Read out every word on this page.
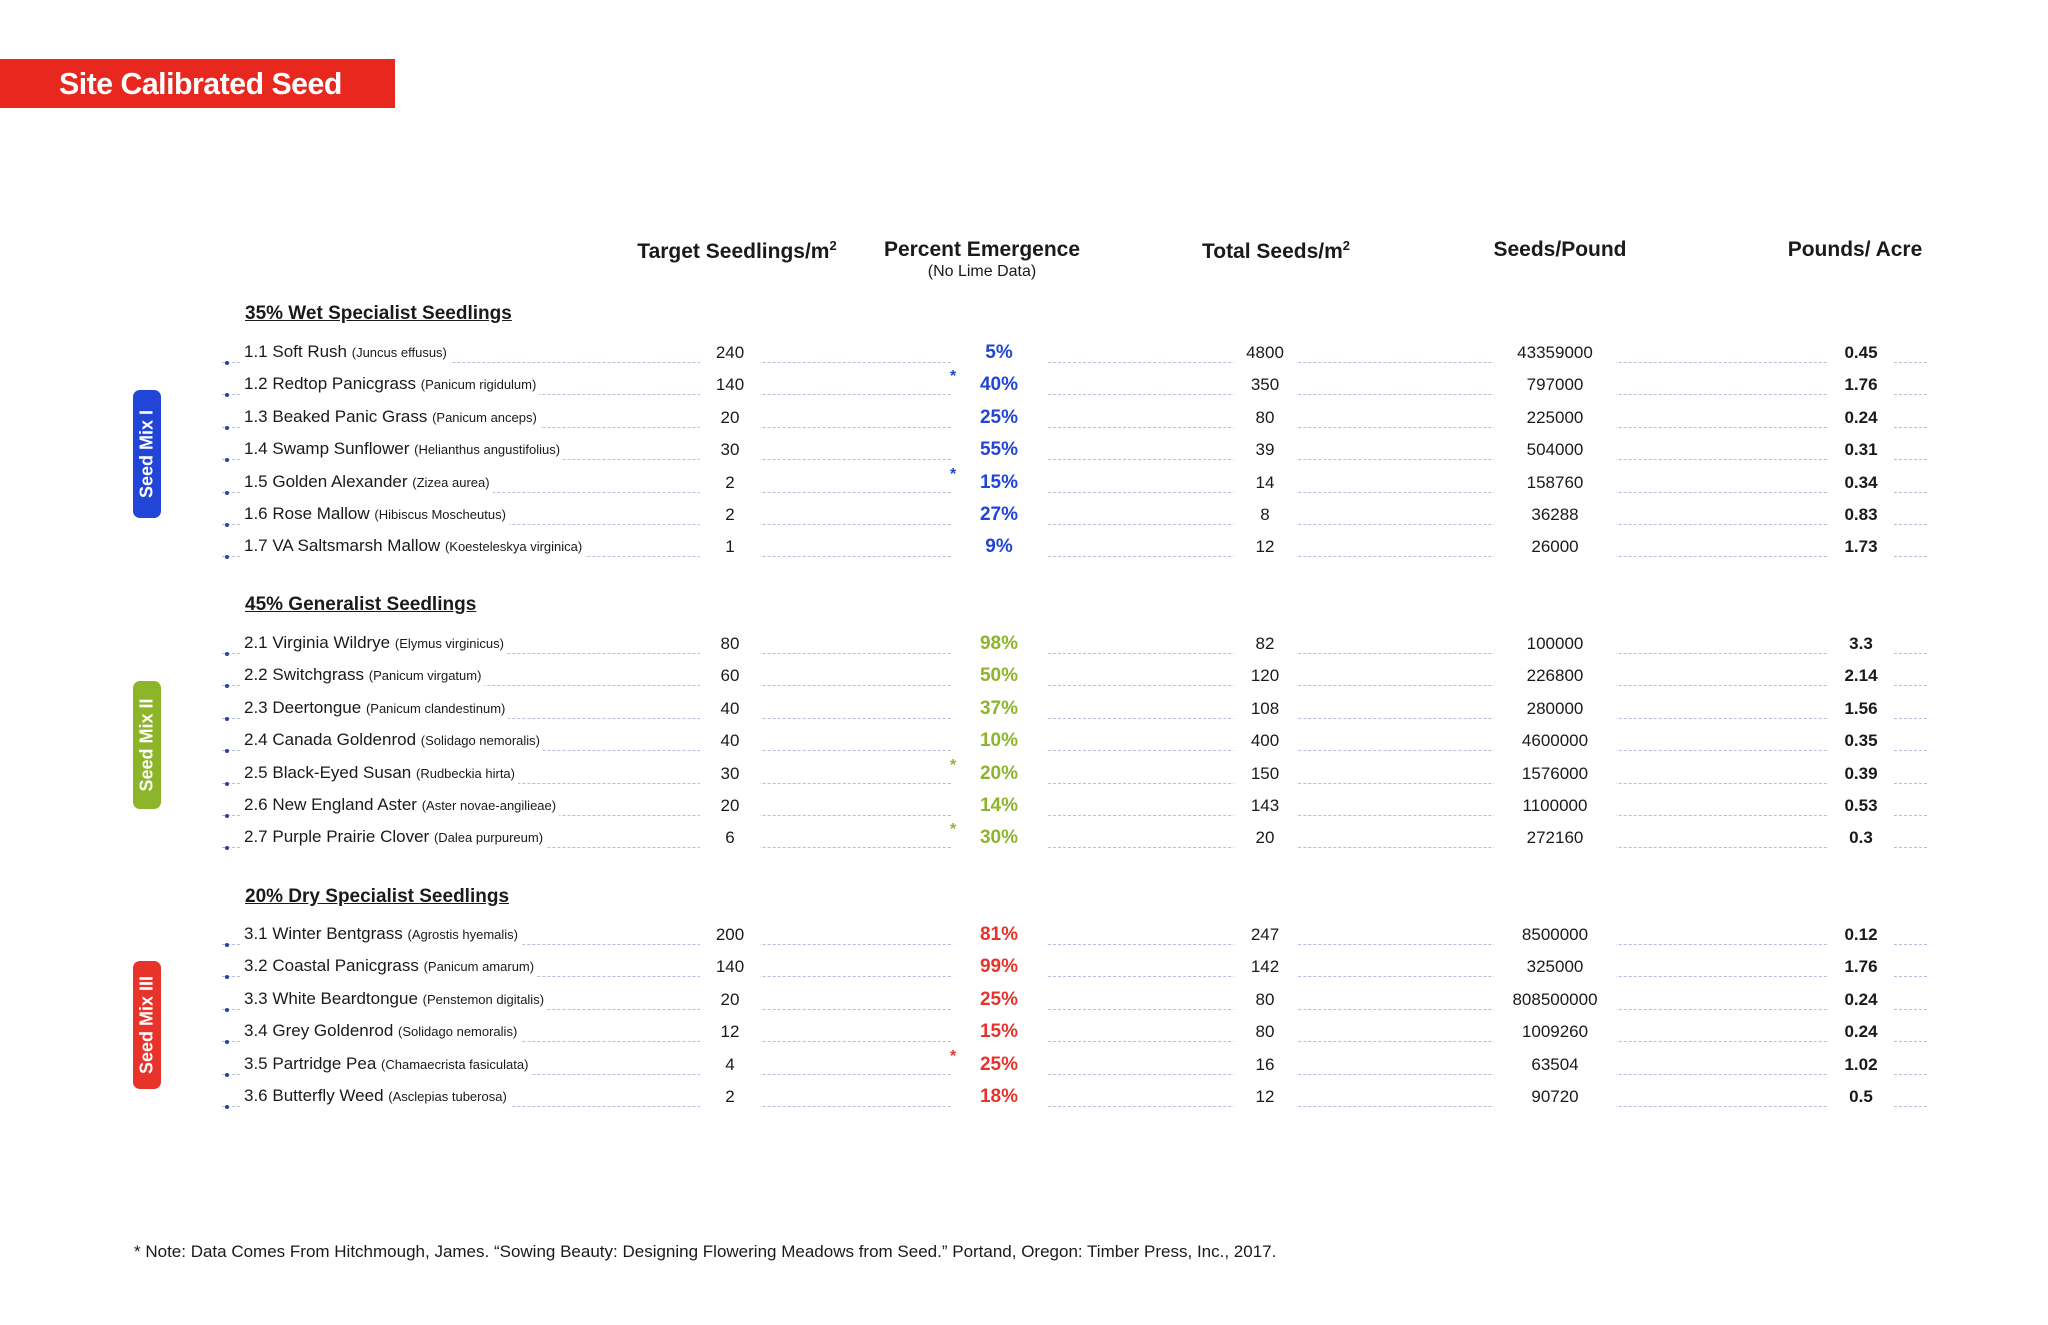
Site Calibrated Seed Mix
Target Seedlings/$m^2$	Percent Emergence
(No Lime Data)
Total Seeds/$m^2$	Seeds/Pound	Pounds/ Acre
Seed Mix I
Seed Mix II
Seed Mix III
35% Wet Specialist Seedlings
1.1 Soft Rush (Juncus effusus)	240	5%	4800	43359000	0.45
1.2 Redtop Panicgrass (Panicum rigidulum)	140	* 40%	350	797000	1.76
1.3 Beaked Panic Grass (Panicum anceps)	20	25%	80	225000	0.24
1.4 Swamp Sunflower (Helianthus angustifolius)	30	55%	39	504000	0.31
1.5 Golden Alexander (Zizea aurea)	2	* 15%	14	158760	0.34
1.6 Rose Mallow (Hibiscus Moscheutus)	2	27%	8	36288	0.83
1.7 VA Saltsmarsh Mallow (Koesteleskya virginica)	1	9%	12	26000	1.73
45% Generalist Seedlings
2.1 Virginia Wildrye (Elymus virginicus)	80	98%	82	100000	3.3
2.2 Switchgrass (Panicum virgatum)	60	50%	120	226800	2.14
2.3 Deertongue (Panicum clandestinum)	40	37%	108	280000	1.56
2.4 Canada Goldenrod (Solidago nemoralis)	40	10%	400	4600000	0.35
2.5 Black-Eyed Susan (Rudbeckia hirta)	30	* 20%	150	1576000	0.39
2.6 New England Aster (Aster novae-angilieae)	20	14%	143	1100000	0.53
2.7 Purple Prairie Clover (Dalea purpureum)	6	* 30%	20	272160	0.3
20% Dry Specialist Seedlings
3.1 Winter Bentgrass (Agrostis hyemalis)	200	81%	247	8500000	0.12
3.2 Coastal Panicgrass (Panicum amarum)	140	99%	142	325000	1.76
3.3 White Beardtongue (Penstemon digitalis)	20	25%	80	808500000	0.24
3.4 Grey Goldenrod (Solidago nemoralis)	12	15%	80	1009260	0.24
3.5 Partridge Pea (Chamaecrista fasiculata)	4	* 25%	16	63504	1.02
3.6 Butterfly Weed (Asclepias tuberosa)	2	18%	12	90720	0.5
* Note: Data Comes From Hitchmough, James. “Sowing Beauty: Designing Flowering Meadows from Seed.” Portand, Oregon: Timber Press, Inc., 2017.
